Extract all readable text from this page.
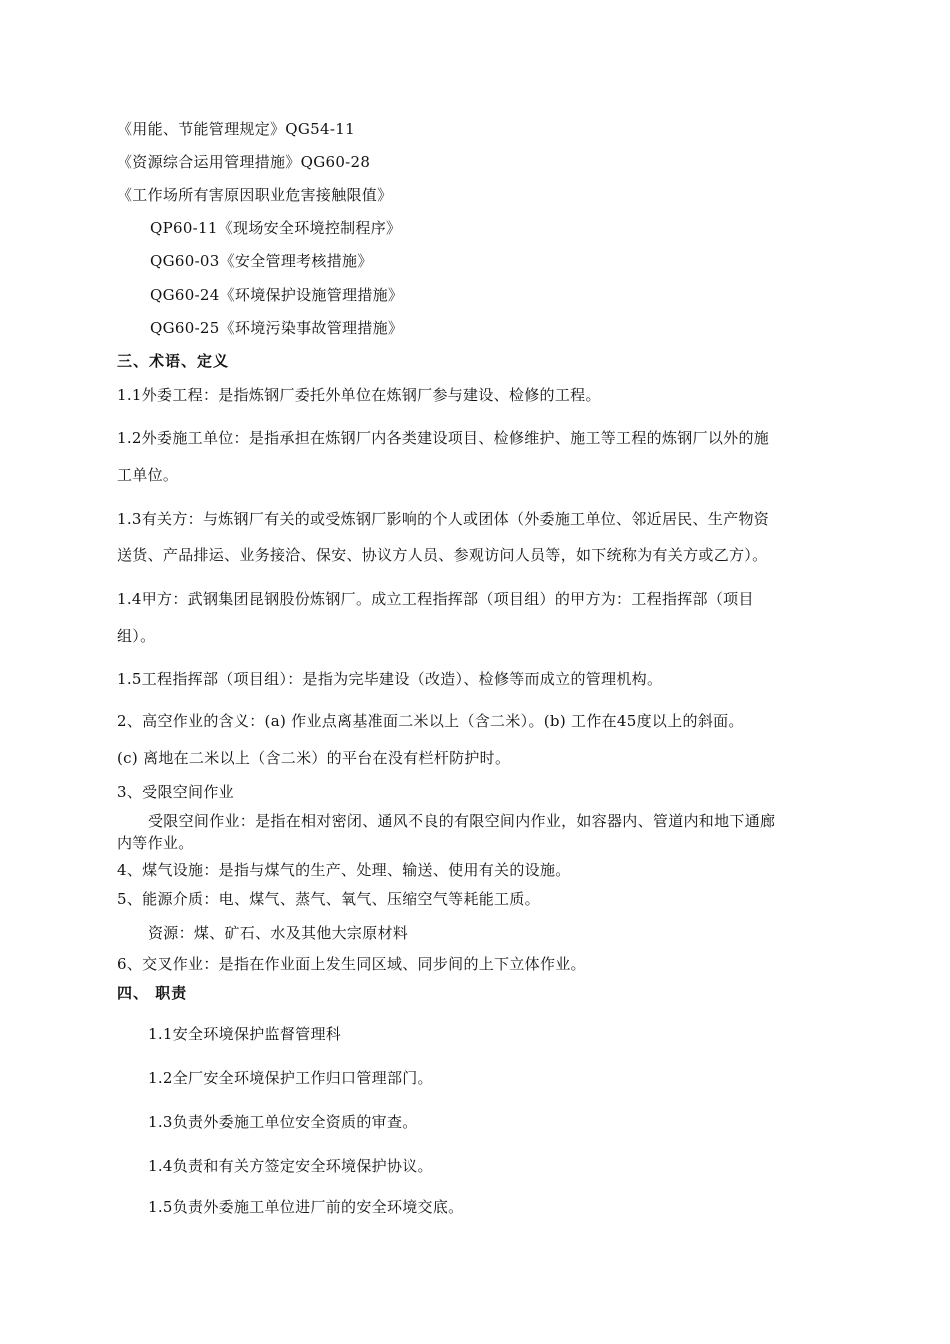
《用能、节能管理规定》QG54-11
《资源综合运用管理措施》QG60-28
《工作场所有害原因职业危害接触限值》
QP60-11《现场安全环境控制程序》
QG60-03《安全管理考核措施》
QG60-24《环境保护设施管理措施》
QG60-25《环境污染事故管理措施》
三、术语、定义
1.1外委工程：是指炼钢厂委托外单位在炼钢厂参与建设、检修的工程。
1.2外委施工单位：是指承担在炼钢厂内各类建设项目、检修维护、施工等工程的炼钢厂以外的施
工单位。
1.3有关方：与炼钢厂有关的或受炼钢厂影响的个人或团体（外委施工单位、邻近居民、生产物资
送货、产品排运、业务接洽、保安、协议方人员、参观访问人员等，如下统称为有关方或乙方）。
1.4甲方：武钢集团昆钢股份炼钢厂。成立工程指挥部（项目组）的甲方为：工程指挥部（项目
组）。
1.5工程指挥部（项目组）：是指为完毕建设（改造）、检修等而成立的管理机构。
2、高空作业的含义：(a) 作业点离基准面二米以上（含二米）。(b) 工作在45度以上的斜面。
(c) 离地在二米以上（含二米）的平台在没有栏杆防护时。
3、受限空间作业
受限空间作业：是指在相对密闭、通风不良的有限空间内作业，如容器内、管道内和地下通廊
内等作业。
4、煤气设施：是指与煤气的生产、处理、输送、使用有关的设施。
5、能源介质：电、煤气、蒸气、氧气、压缩空气等耗能工质。
资源：煤、矿石、水及其他大宗原材料
6、交叉作业：是指在作业面上发生同区域、同步间的上下立体作业。
四、 职责
1.1安全环境保护监督管理科
1.2全厂安全环境保护工作归口管理部门。
1.3负责外委施工单位安全资质的审查。
1.4负责和有关方签定安全环境保护协议。
1.5负责外委施工单位进厂前的安全环境交底。
